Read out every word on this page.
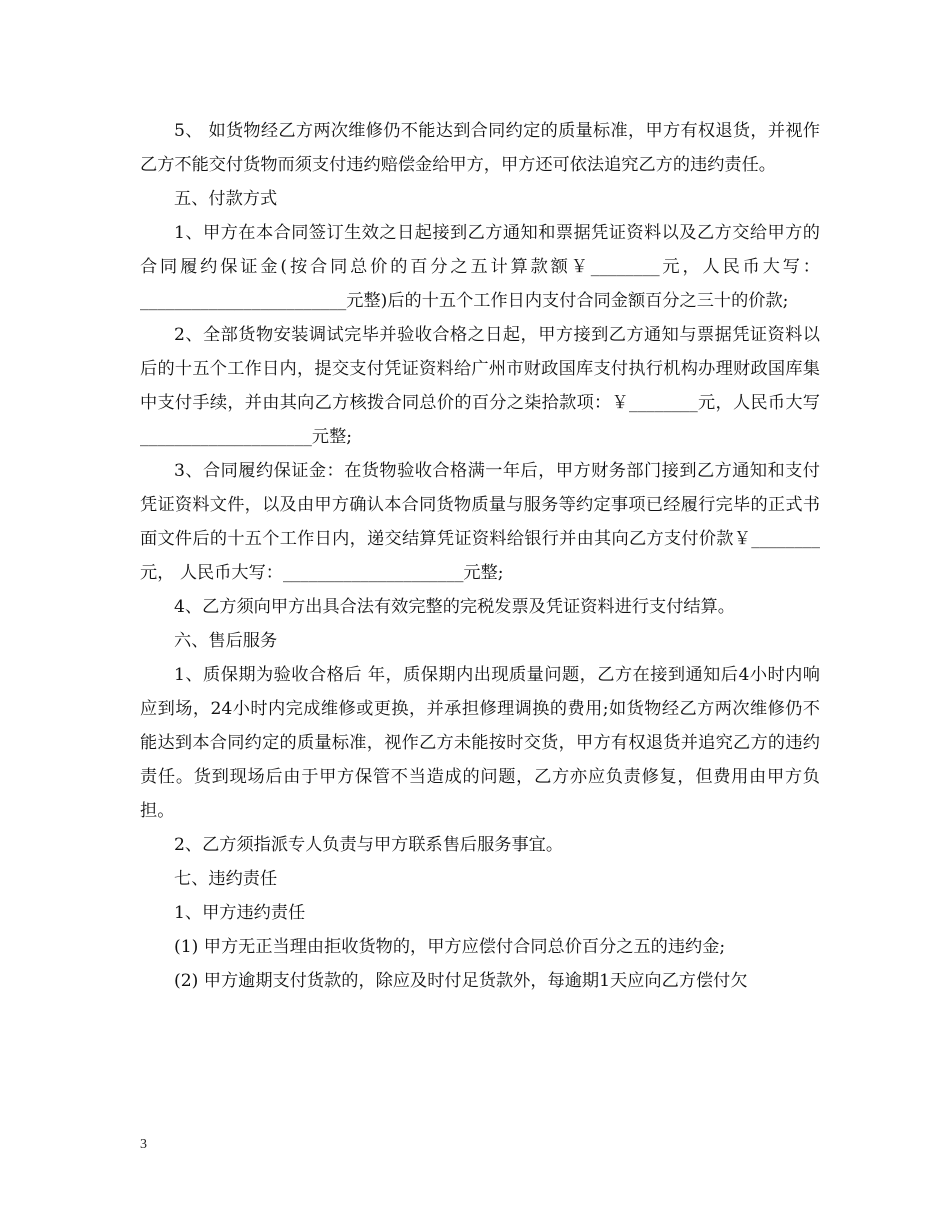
5、 如货物经乙方两次维修仍不能达到合同约定的质量标准，甲方有权退货，并视作乙方不能交付货物而须支付违约赔偿金给甲方，甲方还可依法追究乙方的违约责任。

五、付款方式

1、甲方在本合同签订生效之日起接到乙方通知和票据凭证资料以及乙方交给甲方的合同履约保证金(按合同总价的百分之五计算款额￥________元，人民币大写：________________________元整)后的十五个工作日内支付合同金额百分之三十的价款;

2、全部货物安装调试完毕并验收合格之日起，甲方接到乙方通知与票据凭证资料以后的十五个工作日内，提交支付凭证资料给广州市财政国库支付执行机构办理财政国库集中支付手续，并由其向乙方核拨合同总价的百分之柒拾款项：￥________元，人民币大写____________________元整;

3、合同履约保证金：在货物验收合格满一年后，甲方财务部门接到乙方通知和支付凭证资料文件，以及由甲方确认本合同货物质量与服务等约定事项已经履行完毕的正式书面文件后的十五个工作日内，递交结算凭证资料给银行并由其向乙方支付价款￥________元， 人民币大写：_____________________元整;

4、乙方须向甲方出具合法有效完整的完税发票及凭证资料进行支付结算。

六、售后服务

1、质保期为验收合格后 年，质保期内出现质量问题，乙方在接到通知后4小时内响应到场，24小时内完成维修或更换，并承担修理调换的费用;如货物经乙方两次维修仍不能达到本合同约定的质量标准，视作乙方未能按时交货，甲方有权退货并追究乙方的违约责任。货到现场后由于甲方保管不当造成的问题，乙方亦应负责修复，但费用由甲方负担。

2、乙方须指派专人负责与甲方联系售后服务事宜。

七、违约责任

1、甲方违约责任

(1) 甲方无正当理由拒收货物的，甲方应偿付合同总价百分之五的违约金;

(2) 甲方逾期支付货款的，除应及时付足货款外，每逾期1天应向乙方偿付欠

3
